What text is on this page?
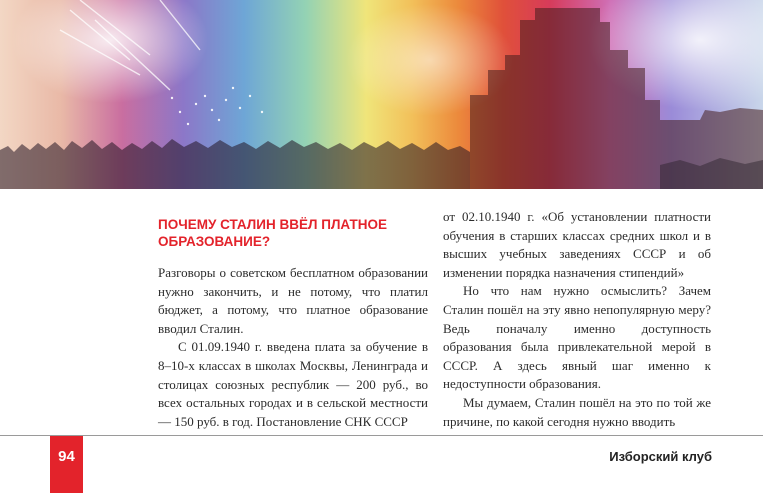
ПОЧЕМУ СТАЛИН ВВЁЛ ПЛАТНОЕ ОБРАЗОВАНИЕ?

Разговоры о советском бесплатном образовании нужно закончить, и не потому, что платил бюджет, а потому, что платное образование вводил Сталин.

С 01.09.1940 г. введена плата за обучение в 8–10-х классах в школах Москвы, Ленинграда и столицах союзных республик — 200 руб., во всех остальных городах и в сельской местности — 150 руб. в год. Постановление СНК СССР

от 02.10.1940 г. «Об установлении платности обучения в старших классах средних школ и в высших учебных заведениях СССР и об изменении порядка назначения стипендий»

Но что нам нужно осмыслить? Зачем Сталин пошёл на эту явно непопулярную меру? Ведь поначалу именно доступность образования была привлекательной мерой в СССР. А здесь явный шаг именно к недоступности образования.

Мы думаем, Сталин пошёл на это по той же причине, по какой сегодня нужно вводить

94	Изборский клуб
